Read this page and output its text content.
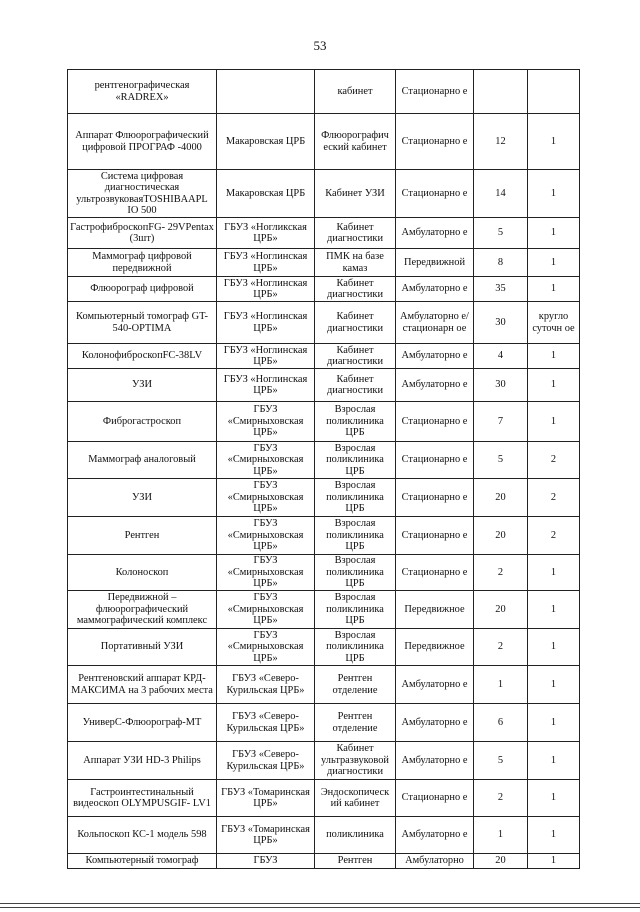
53
рентгенографическая «RADREX»		кабинет	Стационарно е		
Аппарат Флюорографический цифровой ПРОГРАФ -4000	Макаровская ЦРБ	Флюорографич еский кабинет	Стационарно е	12	1
Система цифровая диагностическая ультрозвуковаяTOSHIBAAPL IO 500	Макаровская ЦРБ	Кабинет УЗИ	Стационарно е	14	1
ГастрофиброскопFG- 29VPentax (3шт)	ГБУЗ «Ногликская ЦРБ»	Кабинет диагностики	Амбулаторно е	5	1
Маммограф цифровой передвижной	ГБУЗ «Ноглинская ЦРБ»	ПМК на базе камаз	Передвижной	8	1
Флюорограф цифровой	ГБУЗ «Ноглинская ЦРБ»	Кабинет диагностики	Амбулаторно е	35	1
Компьютерный томограф GT- 540-OPTIMA	ГБУЗ «Ноглинская ЦРБ»	Кабинет диагностики	Амбулаторно е/стационарн ое	30	кругло суточн ое
КолонофиброскопFC-38LV	ГБУЗ «Ноглинская ЦРБ»	Кабинет диагностики	Амбулаторно е	4	1
УЗИ	ГБУЗ «Ноглинская ЦРБ»	Кабинет диагностики	Амбулаторно е	30	1
Фиброгастроскоп	ГБУЗ «Смирныховская ЦРБ»	Взрослая поликлиника ЦРБ	Стационарно е	7	1
Маммограф аналоговый	ГБУЗ «Смирныховская ЦРБ»	Взрослая поликлиника ЦРБ	Стационарно е	5	2
УЗИ	ГБУЗ «Смирныховская ЦРБ»	Взрослая поликлиника ЦРБ	Стационарно е	20	2
Рентген	ГБУЗ «Смирныховская ЦРБ»	Взрослая поликлиника ЦРБ	Стационарно е	20	2
Колоноскоп	ГБУЗ «Смирныховская ЦРБ»	Взрослая поликлиника ЦРБ	Стационарно е	2	1
Передвижной – флюорографический маммографический комплекс	ГБУЗ «Смирныховская ЦРБ»	Взрослая поликлиника ЦРБ	Передвижное	20	1
Портативный УЗИ	ГБУЗ «Смирныховская ЦРБ»	Взрослая поликлиника ЦРБ	Передвижное	2	1
Рентгеновский аппарат КРД- МАКСИМА на 3 рабочих места	ГБУЗ «Северо- Курильская ЦРБ»	Рентген отделение	Амбулаторно е	1	1
УниверС-Флюорограф-МТ	ГБУЗ «Северо- Курильская ЦРБ»	Рентген отделение	Амбулаторно е	6	1
Аппарат УЗИ HD-3 Philips	ГБУЗ «Северо- Курильская ЦРБ»	Кабинет ультразвуковой диагностики	Амбулаторно е	5	1
Гастроинтестинальный видеоскоп OLYMPUSGIF- LV1	ГБУЗ «Томаринская ЦРБ»	Эндоскопическ ий кабинет	Стационарно е	2	1
Кольпоскоп КС-1 модель 598	ГБУЗ «Томаринская ЦРБ»	поликлиника	Амбулаторно е	1	1
Компьютерный томограф	ГБУЗ	Рентген	Амбулаторно	20	1
